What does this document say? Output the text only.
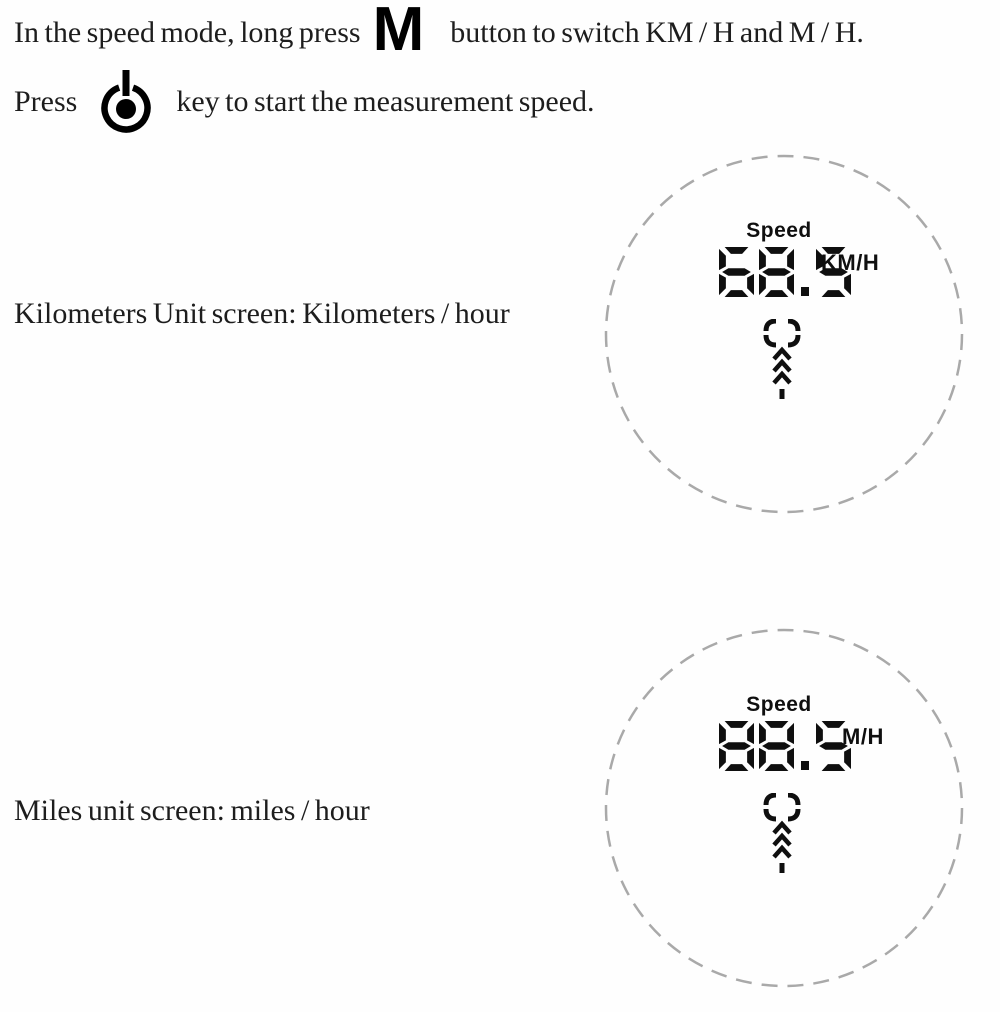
In the speed mode, long press M button to switch KM / H and M / H.
Press	key to start the measurement speed.
Kilometers Unit screen: Kilometers / hour
Miles unit screen: miles / hour
Speed
KM/H
Speed
M/H
